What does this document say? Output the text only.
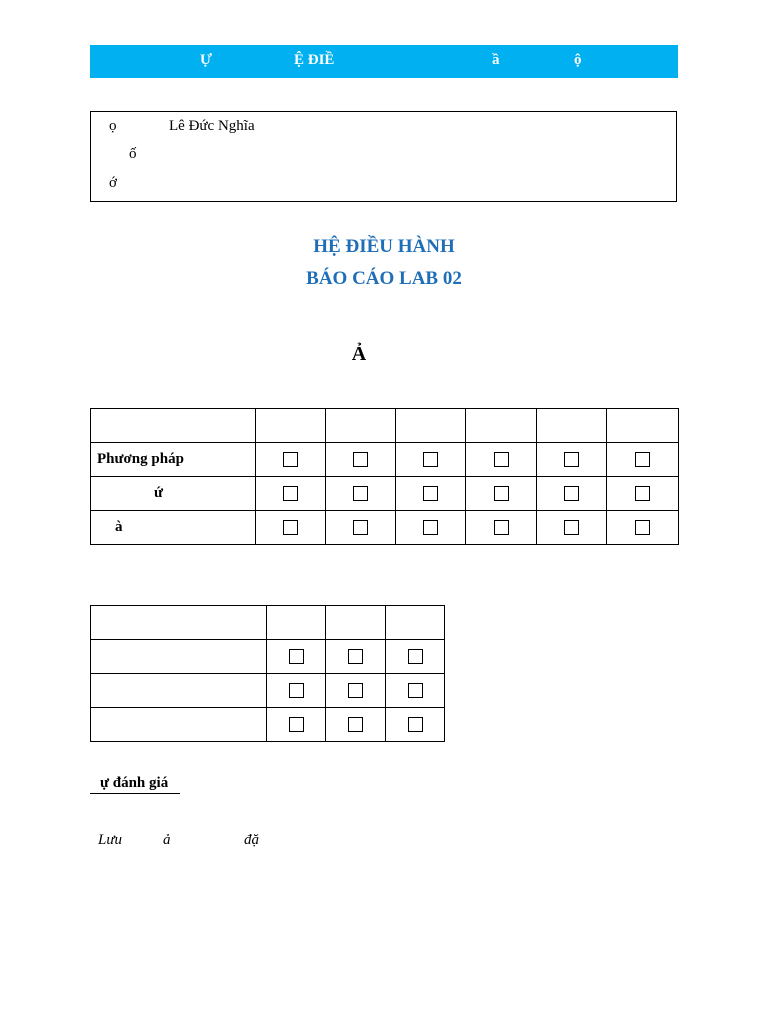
Ự	Ệ ĐIỀ	ầ	ộ
ọ	Lê Đức Nghĩa
ố
ớ
HỆ ĐIỀU HÀNH
BÁO CÁO LAB 02
Ả

Phương pháp	

ứ	

à	

ự đánh giá
Lưu	ả	đặ
